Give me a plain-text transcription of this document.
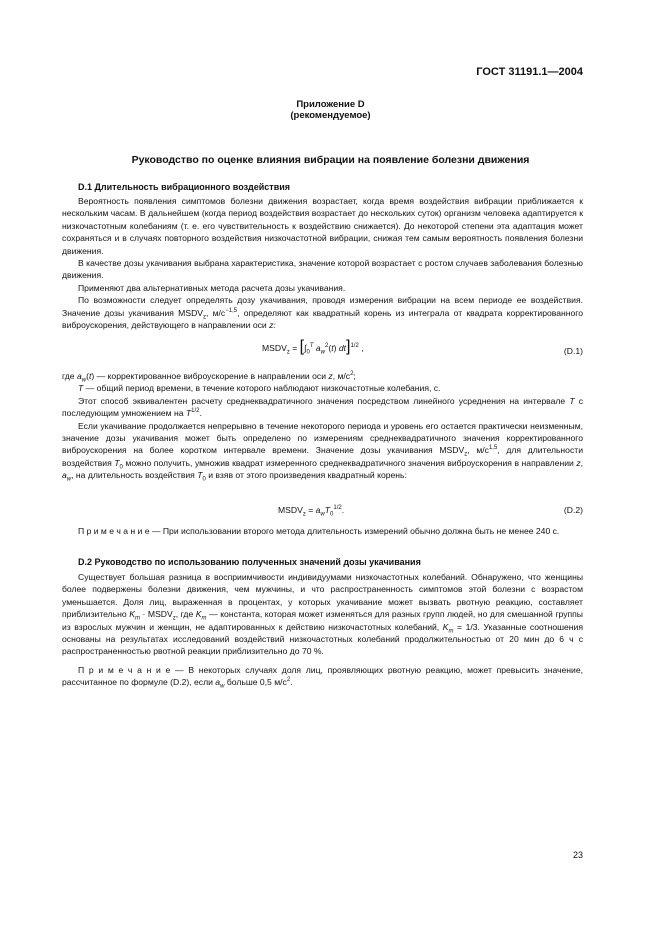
ГОСТ 31191.1—2004
Приложение D
(рекомендуемое)
Руководство по оценке влияния вибрации на появление болезни движения
D.1 Длительность вибрационного воздействия

Вероятность появления симптомов болезни движения возрастает, когда время воздействия вибрации приближается к нескольким часам. В дальнейшем (когда период воздействия возрастает до нескольких суток) организм человека адаптируется к низкочастотным колебаниям (т. е. его чувствительность к воздействию снижается). До некоторой степени эта адаптация может сохраняться и в случаях повторного воздействия низкочастотной вибрации, снижая тем самым вероятность появления болезни движения.

В качестве дозы укачивания выбрана характеристика, значение которой возрастает с ростом случаев заболевания болезнью движения.

Применяют два альтернативных метода расчета дозы укачивания.

По возможности следует определять дозу укачивания, проводя измерения вибрации на всем периоде ее воздействия. Значение дозы укачивания $MSDV_z$, $м/с^{-1,5}$, определяют как квадратный корень из интеграла от квадрата корректированного виброускорения, действующего в направлении оси z:

$MSDV_z = [\int_0^T$ $a_w^2(t)$ dt]$^{1/2}$ ,	(D.1)

где $a_w(t)$ — корректированное виброускорение в направлении оси z, $м/с^2$;

T — общий период времени, в течение которого наблюдают низкочастотные колебания, с.

Этот способ эквивалентен расчету среднеквадратичного значения посредством линейного усреднения на интервале T с последующим умножением на $T^{1/2}$.

Если укачивание продолжается непрерывно в течение некоторого периода и уровень его остается практически неизменным, значение дозы укачивания может быть определено по измерениям среднеквадратичного значения корректированного виброускорения на более коротком интервале времени. Значение дозы укачивания $MSDV_z$, $м/с^{1,5}$, для длительности воздействия $T_0$ можно получить, умножив квадрат измеренного среднеквадратичного значения виброускорения в направлении z, $a_w$, на длительность воздействия $T_0$ и взяв от этого произведения квадратный корень:

$MSDV_z = a_wT_0^{1/2}$.	(D.2)

П р и м е ч а н и е — При использовании второго метода длительность измерений обычно должна быть не менее 240 с.

D.2 Руководство по использованию полученных значений дозы укачивания

Существует большая разница в восприимчивости индивидуумами низкочастотных колебаний. Обнаружено, что женщины более подвержены болезни движения, чем мужчины, и что распространенность симптомов этой болезни с возрастом уменьшается. Доля лиц, выраженная в процентах, у которых укачивание может вызвать рвотную реакцию, составляет приблизительно $K_m$ · $MSDV_z$, где $K_m$ — константа, которая может изменяться для разных групп людей, но для смешанной группы из взрослых мужчин и женщин, не адаптированных к действию низкочастотных колебаний, $K_m = 1/3$. Указанные соотношения основаны на результатах исследований воздействий низкочастотных колебаний продолжительностью от 20 мин до 6 ч с распространенностью рвотной реакции приблизительно до 70 %.

П р и м е ч а н и е — В некоторых случаях доля лиц, проявляющих рвотную реакцию, может превысить значение, рассчитанное по формуле (D.2), если $a_w$ больше 0,5 $м/с^2$.

23
